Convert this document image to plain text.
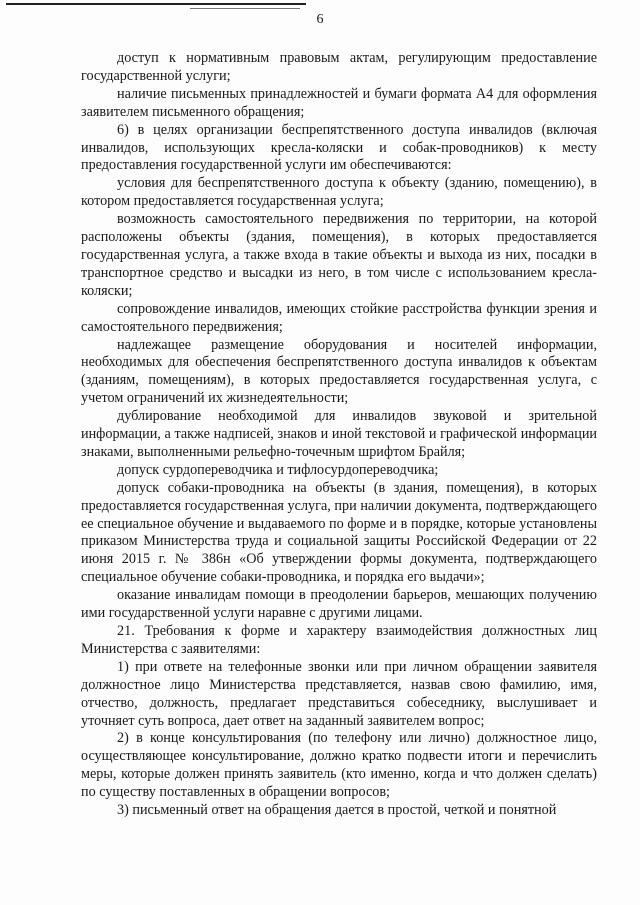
6

доступ к нормативным правовым актам, регулирующим предоставление государственной услуги;

наличие письменных принадлежностей и бумаги формата А4 для оформления заявителем письменного обращения;

6) в целях организации беспрепятственного доступа инвалидов (включая инвалидов, использующих кресла-коляски и собак-проводников) к месту предоставления государственной услуги им обеспечиваются:

условия для беспрепятственного доступа к объекту (зданию, помещению), в котором предоставляется государственная услуга;

возможность самостоятельного передвижения по территории, на которой расположены объекты (здания, помещения), в которых предоставляется государственная услуга, а также входа в такие объекты и выхода из них, посадки в транспортное средство и высадки из него, в том числе с использованием кресла-коляски;

сопровождение инвалидов, имеющих стойкие расстройства функции зрения и самостоятельного передвижения;

надлежащее размещение оборудования и носителей информации, необходимых для обеспечения беспрепятственного доступа инвалидов к объектам (зданиям, помещениям), в которых предоставляется государственная услуга, с учетом ограничений их жизнедеятельности;

дублирование необходимой для инвалидов звуковой и зрительной информации, а также надписей, знаков и иной текстовой и графической информации знаками, выполненными рельефно-точечным шрифтом Брайля;

допуск сурдопереводчика и тифлосурдопереводчика;

допуск собаки-проводника на объекты (в здания, помещения), в которых предоставляется государственная услуга, при наличии документа, подтверждающего ее специальное обучение и выдаваемого по форме и в порядке, которые установлены приказом Министерства труда и социальной защиты Российской Федерации от 22 июня 2015 г. № 386н «Об утверждении формы документа, подтверждающего специальное обучение собаки-проводника, и порядка его выдачи»;

оказание инвалидам помощи в преодолении барьеров, мешающих получению ими государственной услуги наравне с другими лицами.

21. Требования к форме и характеру взаимодействия должностных лиц Министерства с заявителями:

1) при ответе на телефонные звонки или при личном обращении заявителя должностное лицо Министерства представляется, назвав свою фамилию, имя, отчество, должность, предлагает представиться собеседнику, выслушивает и уточняет суть вопроса, дает ответ на заданный заявителем вопрос;

2) в конце консультирования (по телефону или лично) должностное лицо, осуществляющее консультирование, должно кратко подвести итоги и перечислить меры, которые должен принять заявитель (кто именно, когда и что должен сделать) по существу поставленных в обращении вопросов;

3) письменный ответ на обращения дается в простой, четкой и понятной
